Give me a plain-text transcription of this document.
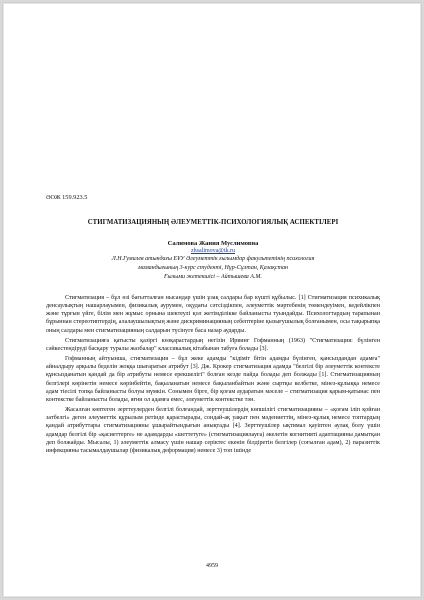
ӘОЖ 159.923.5

СТИГМАТИЗАЦИЯНЫҢ ӘЛЕУМЕТТІК-ПСИХОЛОГИЯЛЫҚ АСПЕКТІЛЕРІ

Салимова Жания Муслимовна

zhsalimova@tk.ru

Л.Н.Гумилев атындағы ЕҰУ Әлеуметтік ғылымдар факультетінің психология
мамандығының 3-курс студенті, Нұр-Сұлтан, Қазақстан
Ғылыми жетекшісі – Айтышева А.М.

Стигматизация – бұл өзі бағытталған нысандар үшін ұзақ салдары бар күшті құбылыс. [1] Стигматизация психикалық денсаулықтың нашарлауымен, физикалық аурумен, оқудағы сәтсіздікпен, әлеуметтік мәртебенің төмендеуімен, кедейлікпен және тұрғын үйге, білім мен жұмыс орнына шектеулі қол жетімділікке байланысты туындайды. Психологтардың тарапынан бұрыннан стереотиптердің, алалаушылықтың және дискриминацияның себептеріне қызығушылық болғанымен, осы тақырыпқа оның салдары мен стигматизацияның салдарын түсінуге баса назар аударды.

Стигматизацияға қатысты қазіргі көзқарастардың негізін Ирвинг Гофманның (1963) "Стигматизация: бүлінген сәйкестендіруді басқару туралы жазбалар" классикалық кітабынан табуға болады [3].

Гофманның айтуынша, стигматизация – бұл жеке адамды "кідіміт бітін адамды бүлінген, қансыздандан адамға" айналдыру арқылы беделін жоққа шығаратын атрибут [3]. Дж. Крокер стигматизация адамда "белгілі бір әлеуметтік контексте құнсызданатын қандай да бір атрибуты немесе ерекшелігі" болған кезде пайда болады деп болжады [1]. Стигматизацияның белгілері көрінетін немесе көрінбейтін, бақыланатын немесе бақыланбайтын және сыртқы келбетке, мінез-құлыққа немесе адам тіесілі топқа байланысты болуы мүмкін. Сонымен бірге, бір қоғам аударатын мәселе – стигматизация қарым-қатынас пен контекстке байланысты болады, яғни ол адамға емес, әлеуметтік контекстке тән.

Жасалған көптеген зерттеулерден белгілі болғандай, зерттеушілердің көпшілігі стигматизацияны – «қоғам іліп қойған затбелгі» деген әлеуметтік құрылым ретінде қарастырады, сондай-ақ уақыт пен мәдениеттің, мінез-құлық немесе топтардың қандай атрибуттары стигматизацияны ұшырайтындығын анықтады [4]. Зерттеушілер ықтимал қауіптен аулақ болу үшін адамдар белгілі бір «қасиеттерге» не адамдарды «шеттетуге» (стигматизациялауға) әкелетін когнитивті адаптацияны дамытқан деп болжайды. Мысалы, 1) әлеуметтік алмасу үшін нашар серіктес екенін білдіретін белгілер (соғылған адам), 2) паразиттік инфекцияны тасымалдаушылар (физикалық деформация) немесе 3) топ ішінде

4959
